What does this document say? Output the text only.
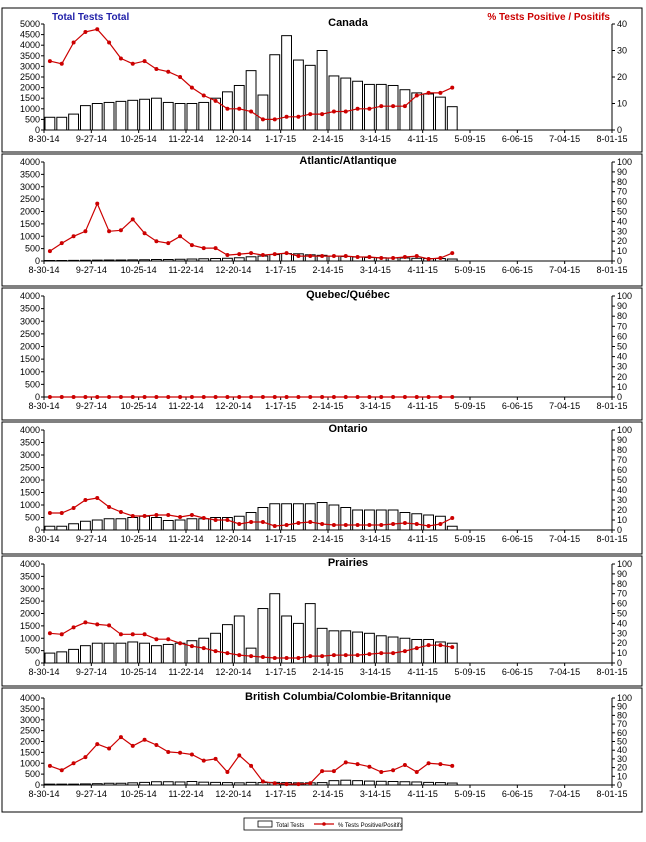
Total Tests Total	% Tests Positive / Positifs
Canada
0
500
1000
1500
2000
2500
3000
3500
4000
4500
5000
0
10
20
30
40
8-30-14 9-27-14 10-25-14 11-22-14 12-20-14 1-17-15 2-14-15 3-14-15 4-11-15 5-09-15 6-06-15 7-04-15 8-01-15
Atlantic/Atlantique
0
500
1000
1500
2000
2500
3000
3500
4000
0
10
20
30
40
50
60
70
80
90
100
8-30-14 9-27-14 10-25-14 11-22-14 12-20-14 1-17-15 2-14-15 3-14-15 4-11-15 5-09-15 6-06-15 7-04-15 8-01-15
Quebec/Québec
0
500
1000
1500
2000
2500
3000
3500
4000
0
10
20
30
40
50
60
70
80
90
100
8-30-14 9-27-14 10-25-14 11-22-14 12-20-14 1-17-15 2-14-15 3-14-15 4-11-15 5-09-15 6-06-15 7-04-15 8-01-15
Ontario
0
500
1000
1500
2000
2500
3000
3500
4000
0
10
20
30
40
50
60
70
80
90
100
8-30-14 9-27-14 10-25-14 11-22-14 12-20-14 1-17-15 2-14-15 3-14-15 4-11-15 5-09-15 6-06-15 7-04-15 8-01-15
Prairies
0
500
1000
1500
2000
2500
3000
3500
4000
0
10
20
30
40
50
60
70
80
90
100
8-30-14 9-27-14 10-25-14 11-22-14 12-20-14 1-17-15 2-14-15 3-14-15 4-11-15 5-09-15 6-06-15 7-04-15 8-01-15
British Columbia/Colombie-Britannique
0
500
1000
1500
2000
2500
3000
3500
4000
0
10
20
30
40
50
60
70
80
90
100
8-30-14 9-27-14 10-25-14 11-22-14 12-20-14 1-17-15 2-14-15 3-14-15 4-11-15 5-09-15 6-06-15 7-04-15 8-01-15
Total Tests	% Tests Positive/Positifs
